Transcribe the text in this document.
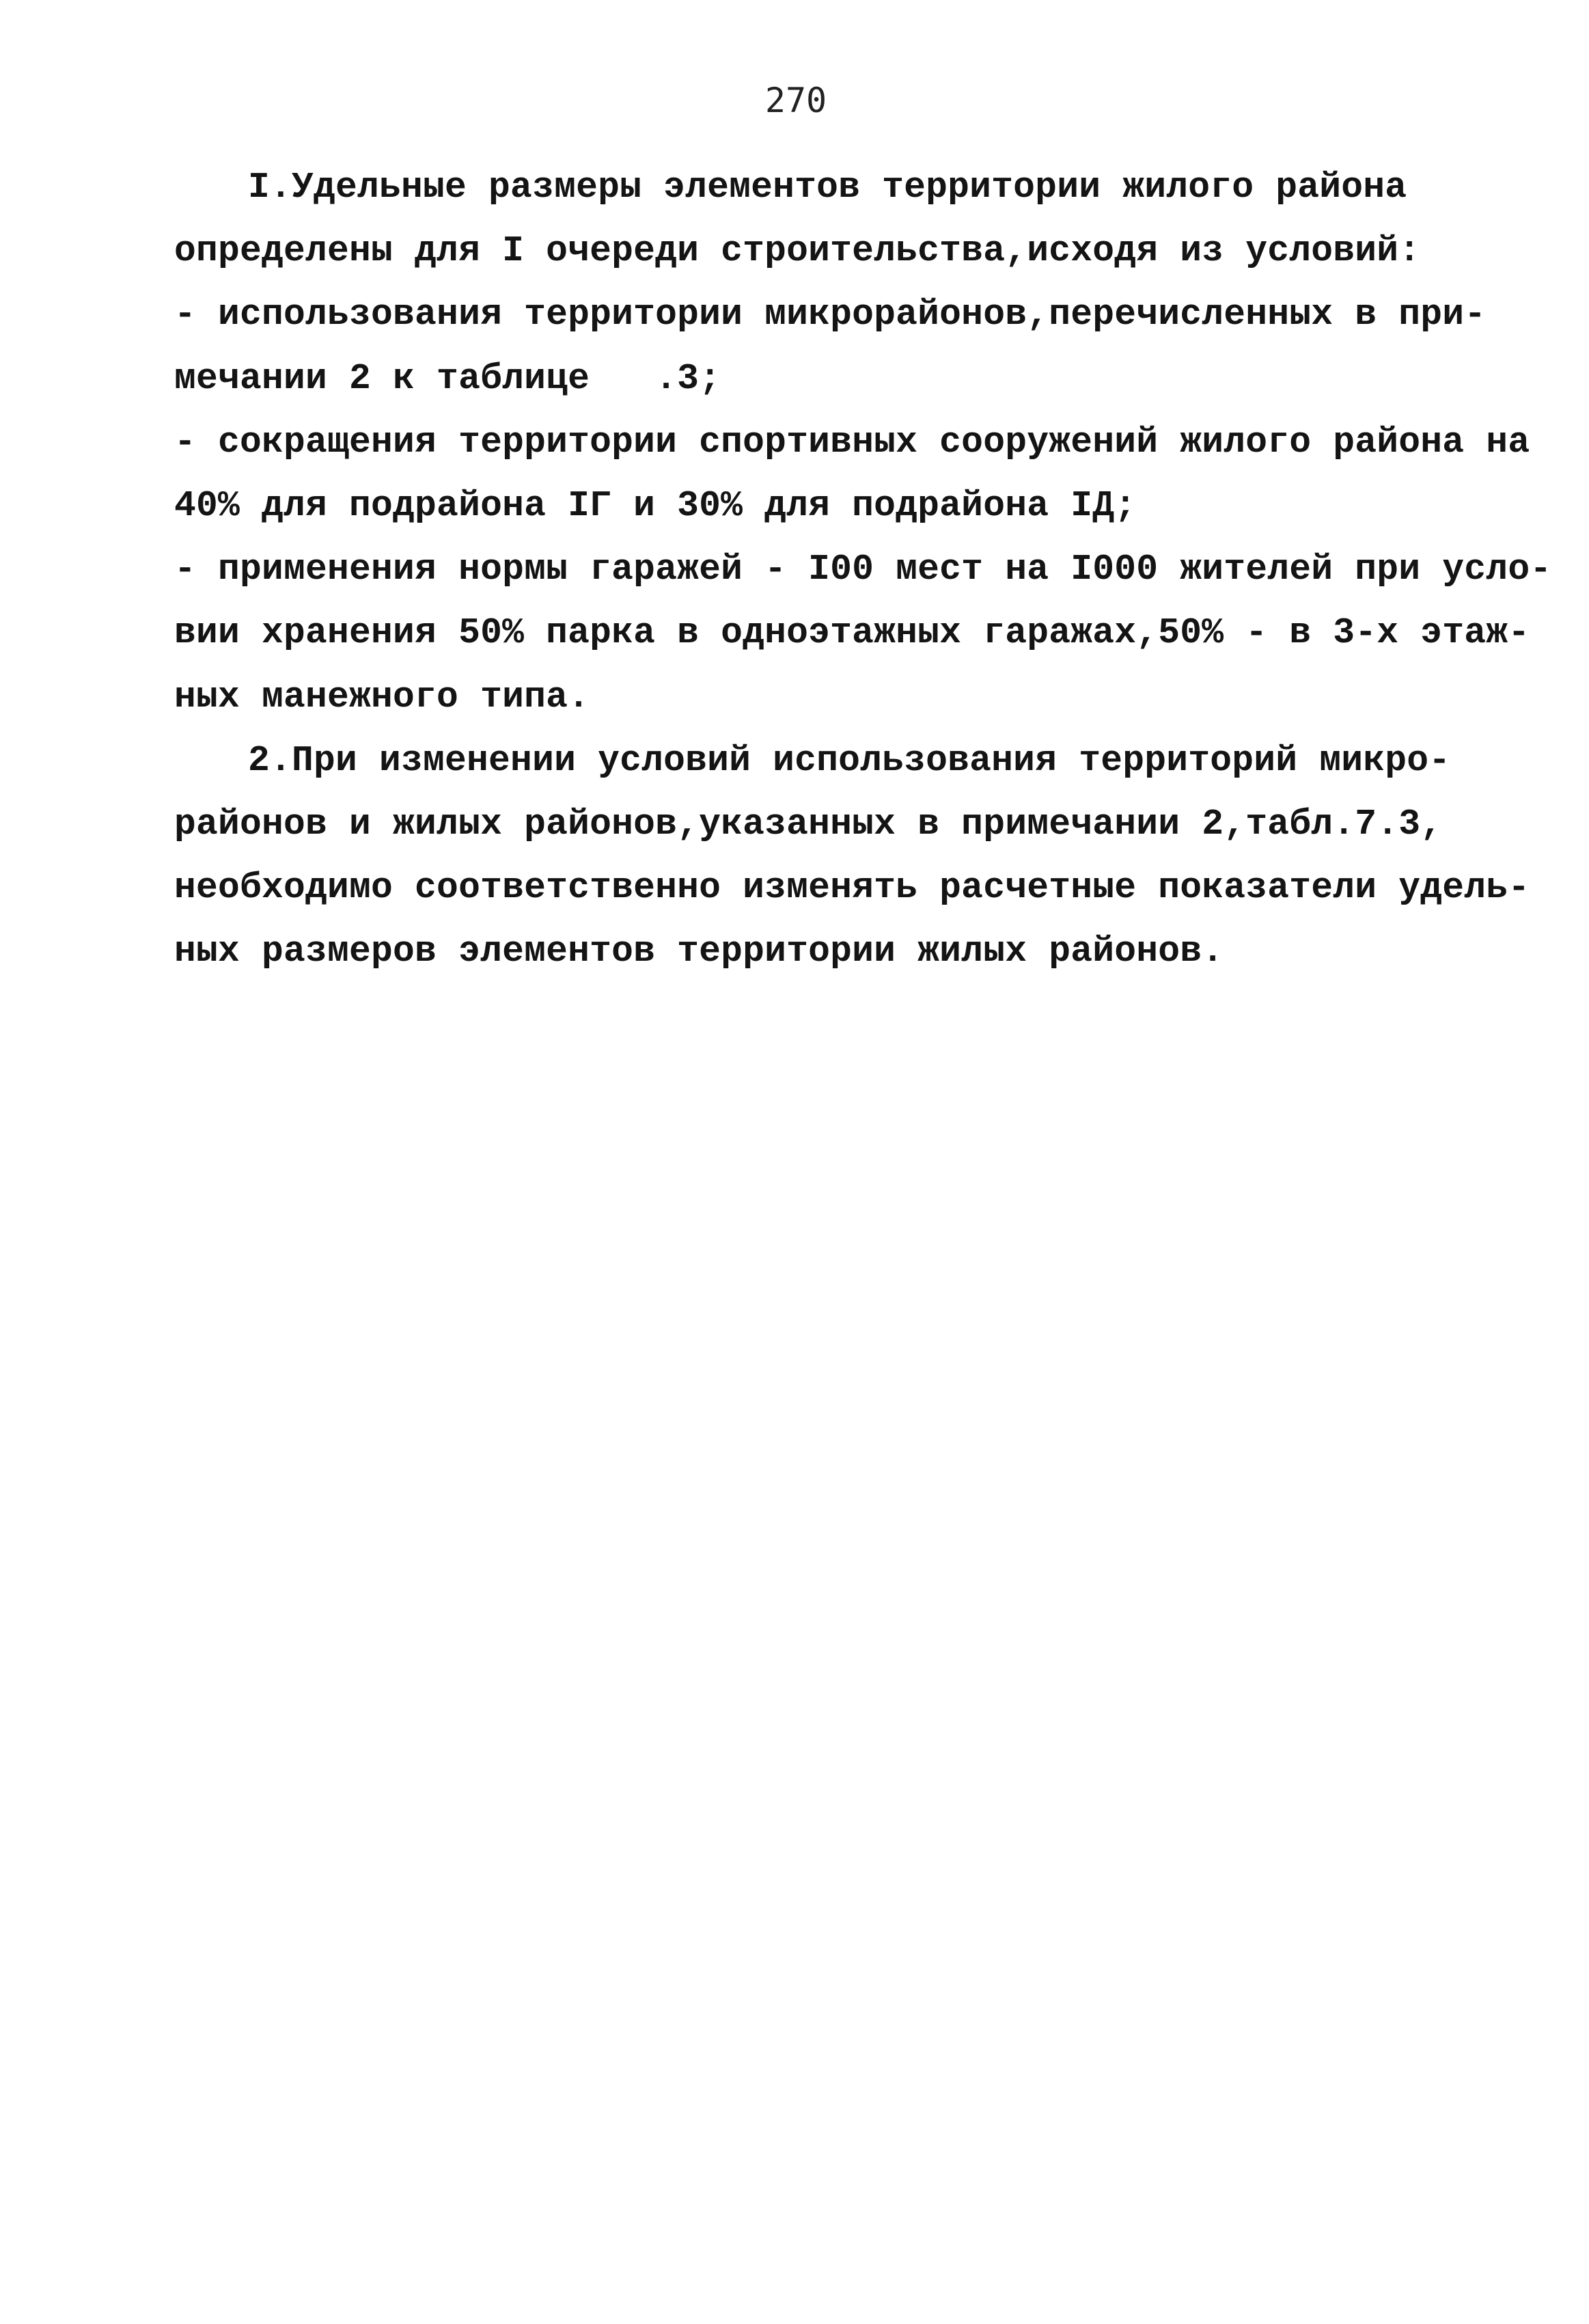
270
I.Удельные размеры элементов территории жилого района
определены для I очереди строительства,исходя из условий:
- использования территории микрорайонов,перечисленных в при-
мечании 2 к таблице   .3;
- сокращения территории спортивных сооружений жилого района на
40% для подрайона IГ и 30% для подрайона IД;
- применения нормы гаражей - I00 мест на I000 жителей при усло-
вии хранения 50% парка в одноэтажных гаражах,50% - в 3-х этаж-
ных манежного типа.
2.При изменении условий использования территорий микро-
районов и жилых районов,указанных в примечании 2,табл.7.3,
необходимо соответственно изменять расчетные показатели удель-
ных размеров элементов территории жилых районов.
